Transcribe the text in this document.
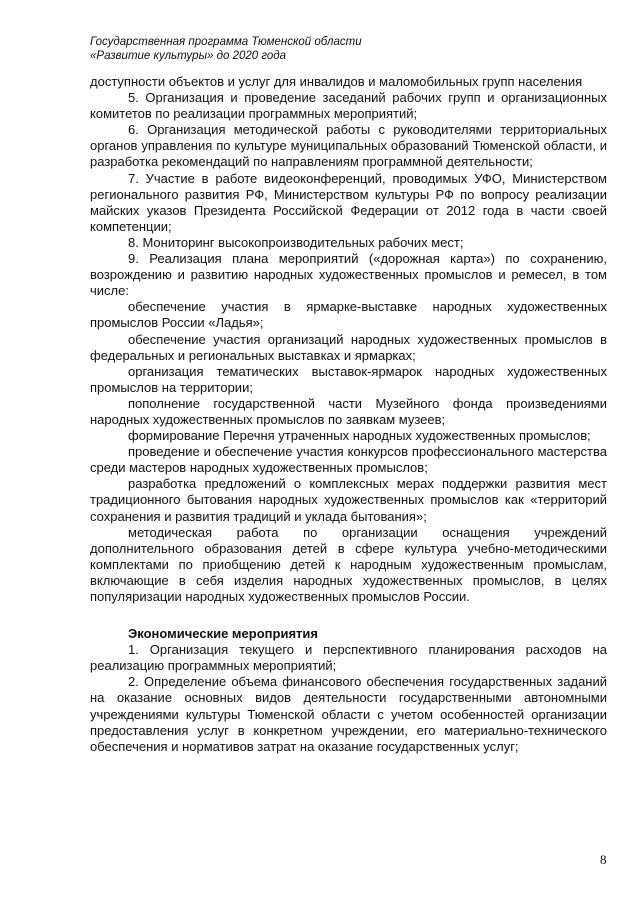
Государственная программа Тюменской области
«Развитие культуры» до 2020 года

доступности объектов и услуг для инвалидов и маломобильных групп населения

5. Организация и проведение заседаний рабочих групп и организационных комитетов по реализации программных мероприятий;

6. Организация методической работы с руководителями территориальных органов управления по культуре муниципальных образований Тюменской области, и разработка рекомендаций по направлениям программной деятельности;

7. Участие в работе видеоконференций, проводимых УФО, Министерством регионального развития РФ, Министерством культуры РФ по вопросу реализации майских указов Президента Российской Федерации от 2012 года в части своей компетенции;

8. Мониторинг высокопроизводительных рабочих мест;

9. Реализация плана мероприятий («дорожная карта») по сохранению, возрождению и развитию народных художественных промыслов и ремесел, в том числе:

обеспечение участия в ярмарке-выставке народных художественных промыслов России «Ладья»;

обеспечение участия организаций народных художественных промыслов в федеральных и региональных выставках и ярмарках;

организация тематических выставок-ярмарок народных художественных промыслов на территории;

пополнение государственной части Музейного фонда произведениями народных художественных промыслов по заявкам музеев;

формирование Перечня утраченных народных художественных промыслов;

проведение и обеспечение участия конкурсов профессионального мастерства среди мастеров народных художественных промыслов;

разработка предложений о комплексных мерах поддержки развития мест традиционного бытования народных художественных промыслов как «территорий сохранения и развития традиций и уклада бытования»;

методическая работа по организации оснащения учреждений дополнительного образования детей в сфере культура учебно-методическими комплектами по приобщению детей к народным художественным промыслам, включающие в себя изделия народных художественных промыслов, в целях популяризации народных художественных промыслов России.

Экономические мероприятия

1. Организация текущего и перспективного планирования расходов на реализацию программных мероприятий;

2. Определение объема финансового обеспечения государственных заданий на оказание основных видов деятельности государственными автономными учреждениями культуры Тюменской области с учетом особенностей организации предоставления услуг в конкретном учреждении, его материально-технического обеспечения и нормативов затрат на оказание государственных услуг;

8
